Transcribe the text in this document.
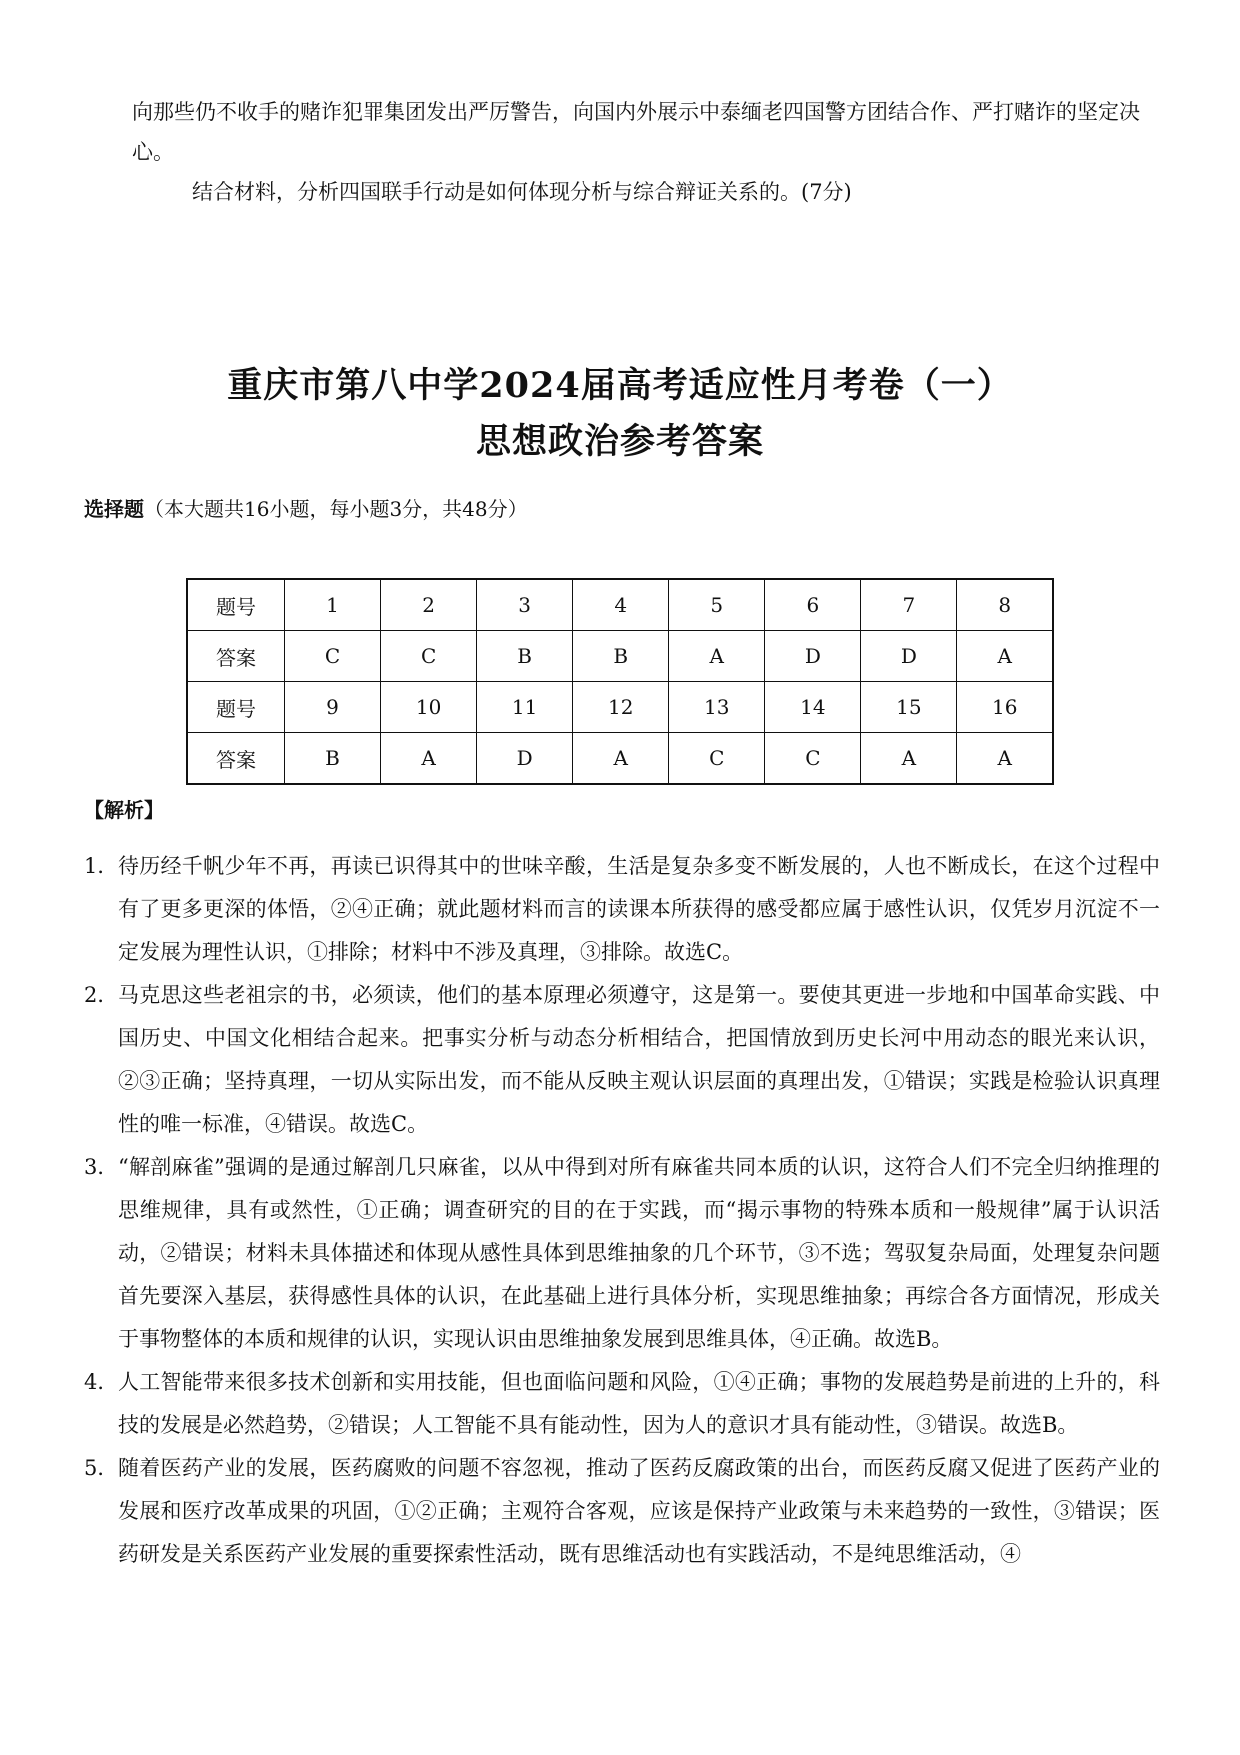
向那些仍不收手的赌诈犯罪集团发出严厉警告，向国内外展示中泰缅老四国警方团结合作、严打赌诈的坚定决心。

结合材料，分析四国联手行动是如何体现分析与综合辩证关系的。(7分)

重庆市第八中学2024届高考适应性月考卷（一）
思想政治参考答案
选择题（本大题共16小题，每小题3分，共48分）
题号	1	2	3	4	5	6	7	8
答案	C	C	B	B	A	D	D	A
题号	9	10	11	12	13	14	15	16
答案	B	A	D	A	C	C	A	A
【解析】
1． 待历经千帆少年不再，再读已识得其中的世味辛酸，生活是复杂多变不断发展的，人也不断成长，在这个过程中有了更多更深的体悟，②④正确；就此题材料而言的读课本所获得的感受都应属于感性认识，仅凭岁月沉淀不一定发展为理性认识，①排除；材料中不涉及真理，③排除。故选C。
2． 马克思这些老祖宗的书，必须读，他们的基本原理必须遵守，这是第一。要使其更进一步地和中国革命实践、中国历史、中国文化相结合起来。把事实分析与动态分析相结合，把国情放到历史长河中用动态的眼光来认识，②③正确；坚持真理，一切从实际出发，而不能从反映主观认识层面的真理出发，①错误；实践是检验认识真理性的唯一标准，④错误。故选C。
3． “解剖麻雀”强调的是通过解剖几只麻雀，以从中得到对所有麻雀共同本质的认识，这符合人们不完全归纳推理的思维规律，具有或然性，①正确；调查研究的目的在于实践，而“揭示事物的特殊本质和一般规律”属于认识活动，②错误；材料未具体描述和体现从感性具体到思维抽象的几个环节，③不选；驾驭复杂局面，处理复杂问题首先要深入基层，获得感性具体的认识，在此基础上进行具体分析，实现思维抽象；再综合各方面情况，形成关于事物整体的本质和规律的认识，实现认识由思维抽象发展到思维具体，④正确。故选B。
4． 人工智能带来很多技术创新和实用技能，但也面临问题和风险，①④正确；事物的发展趋势是前进的上升的，科技的发展是必然趋势，②错误；人工智能不具有能动性，因为人的意识才具有能动性，③错误。故选B。
5． 随着医药产业的发展，医药腐败的问题不容忽视，推动了医药反腐政策的出台，而医药反腐又促进了医药产业的发展和医疗改革成果的巩固，①②正确；主观符合客观，应该是保持产业政策与未来趋势的一致性，③错误；医药研发是关系医药产业发展的重要探索性活动，既有思维活动也有实践活动，不是纯思维活动，④
